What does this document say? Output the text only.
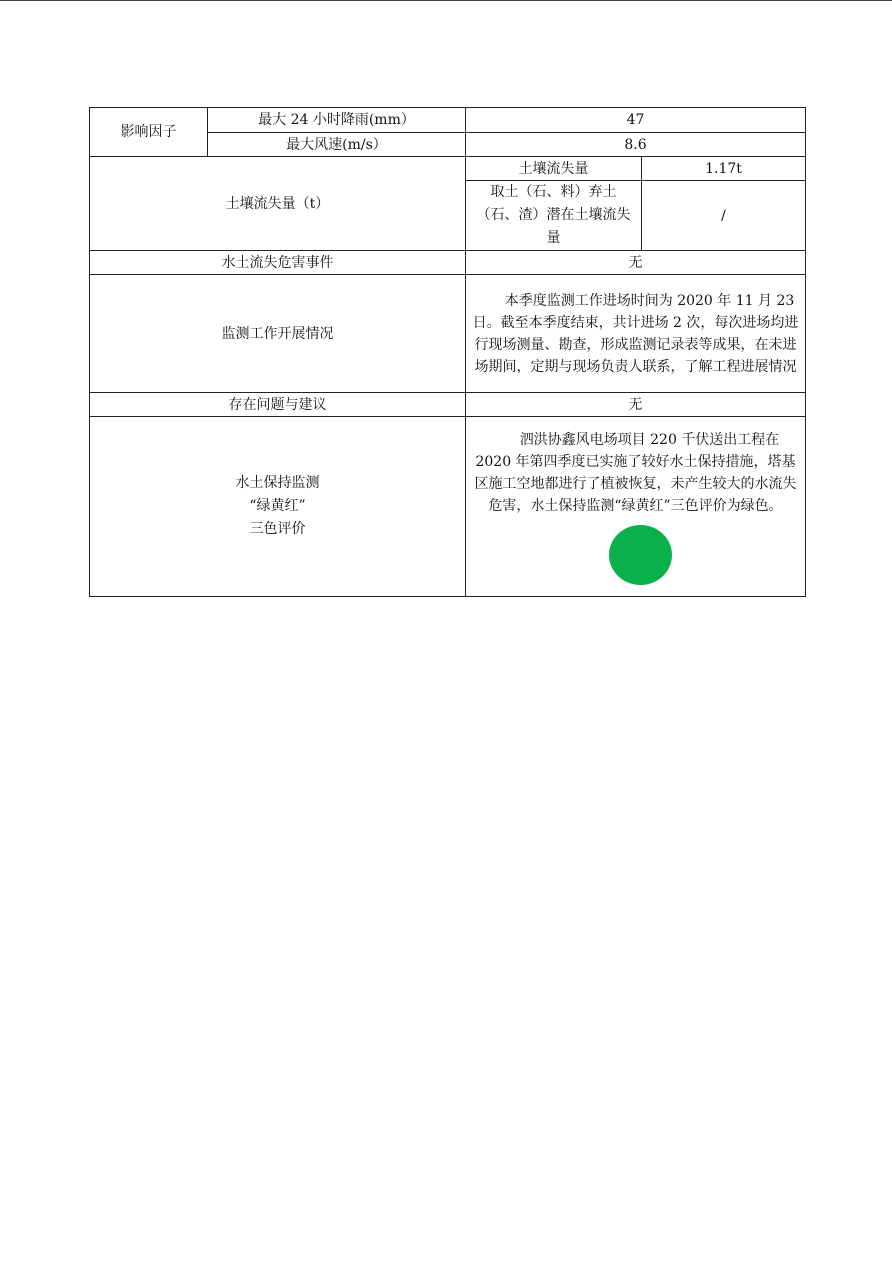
影响因子	最大 24 小时降雨(mm）	47	
	最大风速(m/s）	8.6	
土壤流失量（t）		土壤流失量	1.17t
		取土（石、料）弃土（石、渣）潜在土壤流失量	/
水土流失危害事件		无	
监测工作开展情况		本季度监测工作进场时间为 2020 年 11 月 23 日。截至本季度结束，共计进场 2 次，每次进场均进行现场测量、勘查，形成监测记录表等成果，在未进场期间，定期与现场负责人联系，了解工程进展情况	
存在问题与建议		无	

水土保持监测
“绿黄红”
三色评价		泗洪协鑫风电场项目 220 千伏送出工程在 2020 年第四季度已实施了较好水土保持措施，塔基区施工空地都进行了植被恢复，未产生较大的水流失危害，水土保持监测“绿黄红”三色评价为绿色。	
